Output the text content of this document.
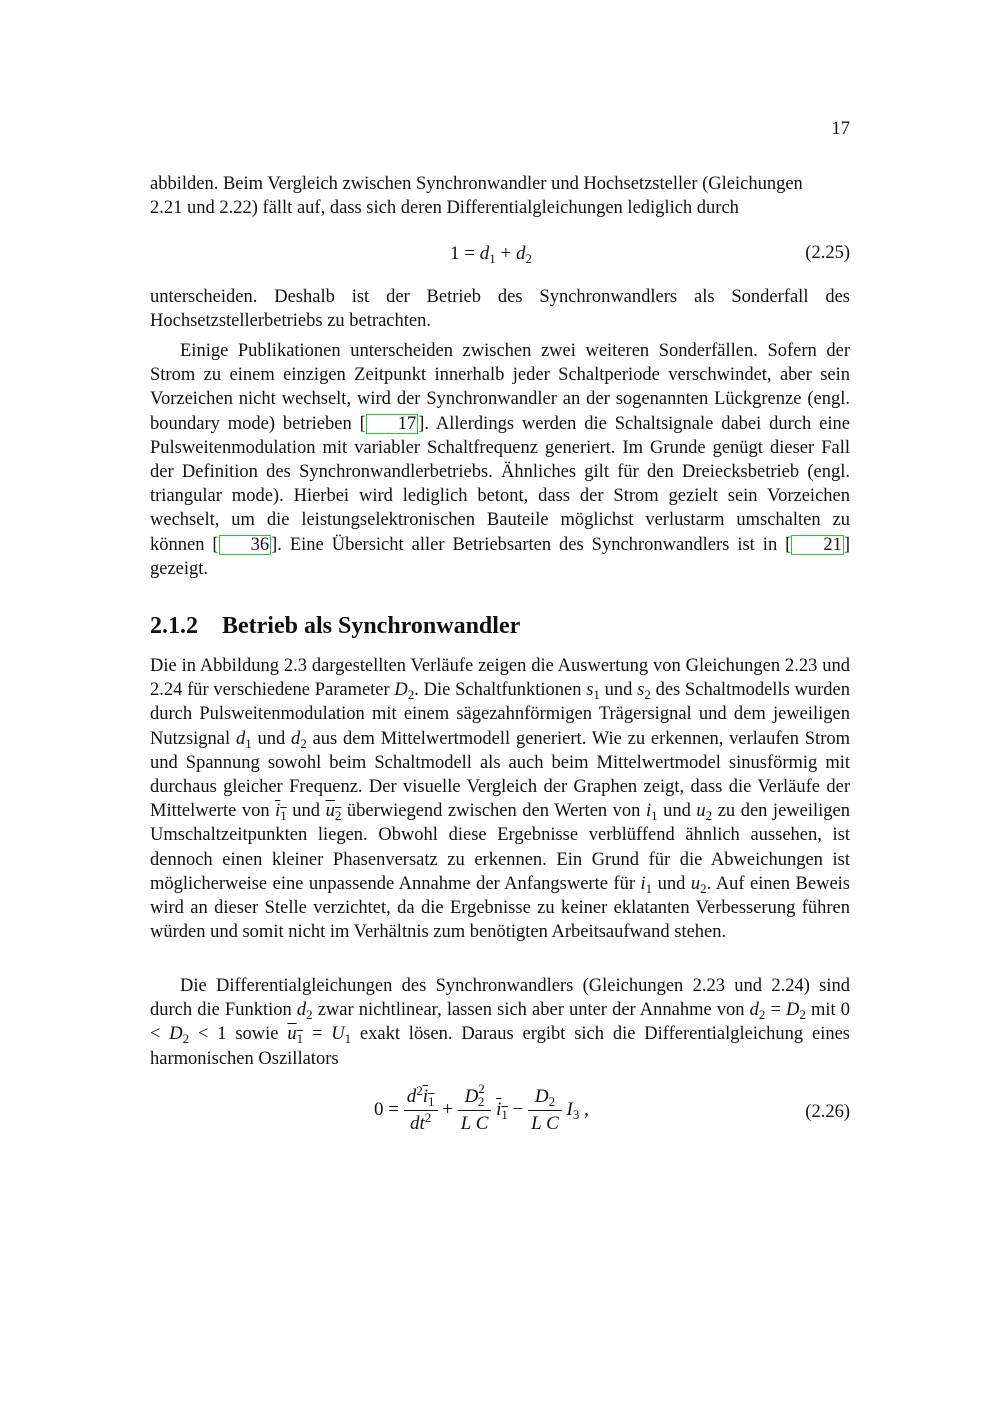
17
abbilden. Beim Vergleich zwischen Synchronwandler und Hochsetzsteller (Gleichungen
2.21 und 2.22) fällt auf, dass sich deren Differentialgleichungen lediglich durch
$1 = d_1 + d_2$	(2.25)
unterscheiden. Deshalb ist der Betrieb des Synchronwandlers als Sonderfall des Hochsetzstellerbetriebs zu betrachten.
Einige Publikationen unterscheiden zwischen zwei weiteren Sonderfällen. Sofern der Strom zu einem einzigen Zeitpunkt innerhalb jeder Schaltperiode verschwindet, aber sein Vorzeichen nicht wechselt, wird der Synchronwandler an der sogenannten Lückgrenze (engl. boundary mode) betrieben [ 17 ]. Allerdings werden die Schaltsignale dabei durch eine Pulsweitenmodulation mit variabler Schaltfrequenz generiert. Im Grunde genügt dieser Fall der Definition des Synchronwandlerbetriebs. Ähnliches gilt für den Dreiecksbetrieb (engl. triangular mode). Hierbei wird lediglich betont, dass der Strom gezielt sein Vorzeichen wechselt, um die leistungselektronischen Bauteile möglichst verlustarm umschalten zu können [ 36 ]. Eine Übersicht aller Betriebsarten des Synchronwandlers ist in [ 21 ] gezeigt.
2.1.2 Betrieb als Synchronwandler
Die in Abbildung 2.3 dargestellten Verläufe zeigen die Auswertung von Gleichungen 2.23 und 2.24 für verschiedene Parameter $D_2$. Die Schaltfunktionen $s_1$ und $s_2$ des Schaltmodells wurden durch Pulsweitenmodulation mit einem sägezahnförmigen Trägersignal und dem jeweiligen Nutzsignal $d_1$ und $d_2$ aus dem Mittelwertmodell generiert. Wie zu erkennen, verlaufen Strom und Spannung sowohl beim Schaltmodell als auch beim Mittelwertmodel sinusförmig mit durchaus gleicher Frequenz. Der visuelle Vergleich der Graphen zeigt, dass die Verläufe der Mittelwerte von $i_1$ und $u_2$ überwiegend zwischen den Werten von $i_1$ und $u_2$ zu den jeweiligen Umschaltzeitpunkten liegen. Obwohl diese Ergebnisse verblüffend ähnlich aussehen, ist dennoch einen kleiner Phasenversatz zu erkennen. Ein Grund für die Abweichungen ist möglicherweise eine unpassende Annahme der Anfangswerte für $i_1$ und $u_2$. Auf einen Beweis wird an dieser Stelle verzichtet, da die Ergebnisse zu keiner eklatanten Verbesserung führen würden und somit nicht im Verhältnis zum benötigten Arbeitsaufwand stehen.
Die Differentialgleichungen des Synchronwandlers (Gleichungen 2.23 und 2.24) sind durch die Funktion $d_2$ zwar nichtlinear, lassen sich aber unter der Annahme von $d_2 = D_2$ mit $0 < D_2 < 1$ sowie $u_1 = U_1$ exakt lösen. Daraus ergibt sich die Differentialgleichung eines harmonischen Oszillators
$0 = \frac{d^2i_1}{dt^2} + \frac{D^2_2}{\text{L C}} i_1 - \frac{D_2}{\text{L C}} I_3$ ,	(2.26)
